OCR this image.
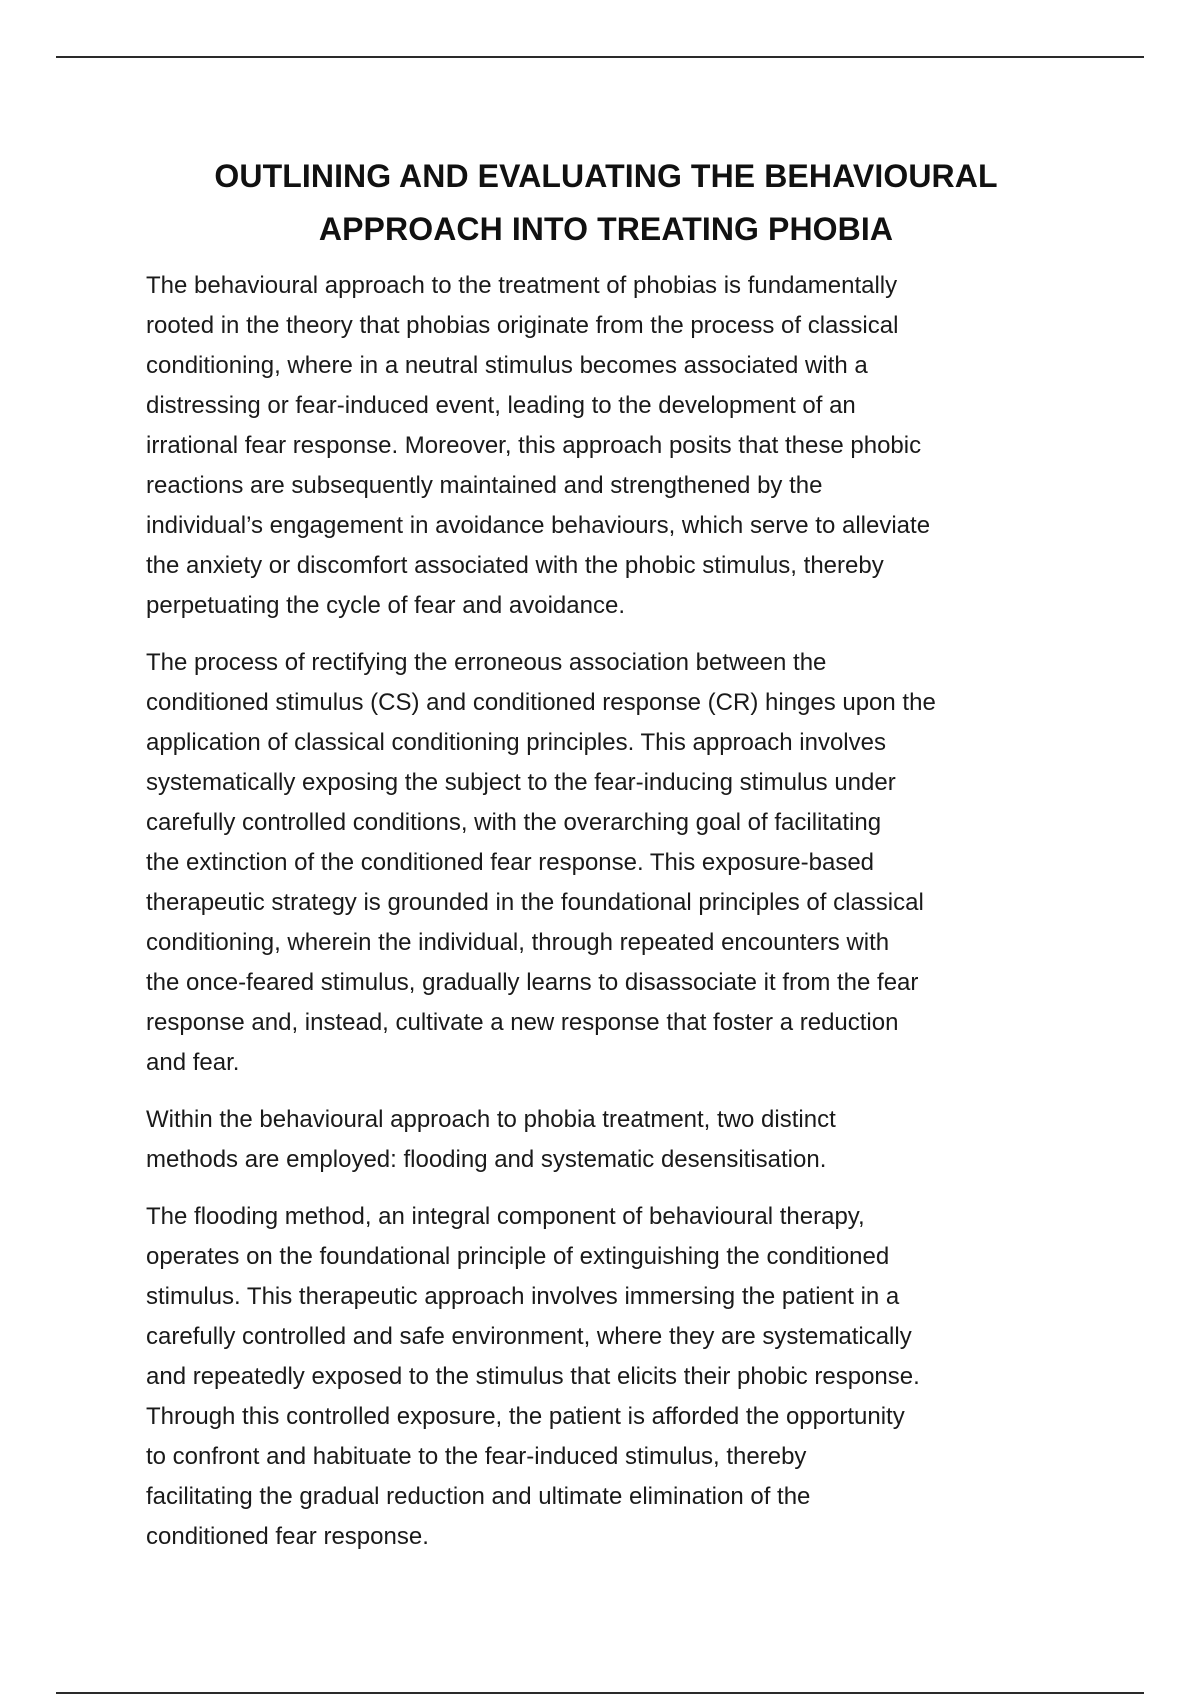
OUTLINING AND EVALUATING THE BEHAVIOURAL
APPROACH INTO TREATING PHOBIA

The behavioural approach to the treatment of phobias is fundamentally
rooted in the theory that phobias originate from the process of classical
conditioning, where in a neutral stimulus becomes associated with a
distressing or fear-induced event, leading to the development of an
irrational fear response. Moreover, this approach posits that these phobic
reactions are subsequently maintained and strengthened by the
individual’s engagement in avoidance behaviours, which serve to alleviate
the anxiety or discomfort associated with the phobic stimulus, thereby
perpetuating the cycle of fear and avoidance.

The process of rectifying the erroneous association between the
conditioned stimulus (CS) and conditioned response (CR) hinges upon the
application of classical conditioning principles. This approach involves
systematically exposing the subject to the fear-inducing stimulus under
carefully controlled conditions, with the overarching goal of facilitating
the extinction of the conditioned fear response. This exposure-based
therapeutic strategy is grounded in the foundational principles of classical
conditioning, wherein the individual, through repeated encounters with
the once-feared stimulus, gradually learns to disassociate it from the fear
response and, instead, cultivate a new response that foster a reduction
and fear.

Within the behavioural approach to phobia treatment, two distinct
methods are employed: flooding and systematic desensitisation.

The flooding method, an integral component of behavioural therapy,
operates on the foundational principle of extinguishing the conditioned
stimulus. This therapeutic approach involves immersing the patient in a
carefully controlled and safe environment, where they are systematically
and repeatedly exposed to the stimulus that elicits their phobic response.
Through this controlled exposure, the patient is afforded the opportunity
to confront and habituate to the fear-induced stimulus, thereby
facilitating the gradual reduction and ultimate elimination of the
conditioned fear response.
